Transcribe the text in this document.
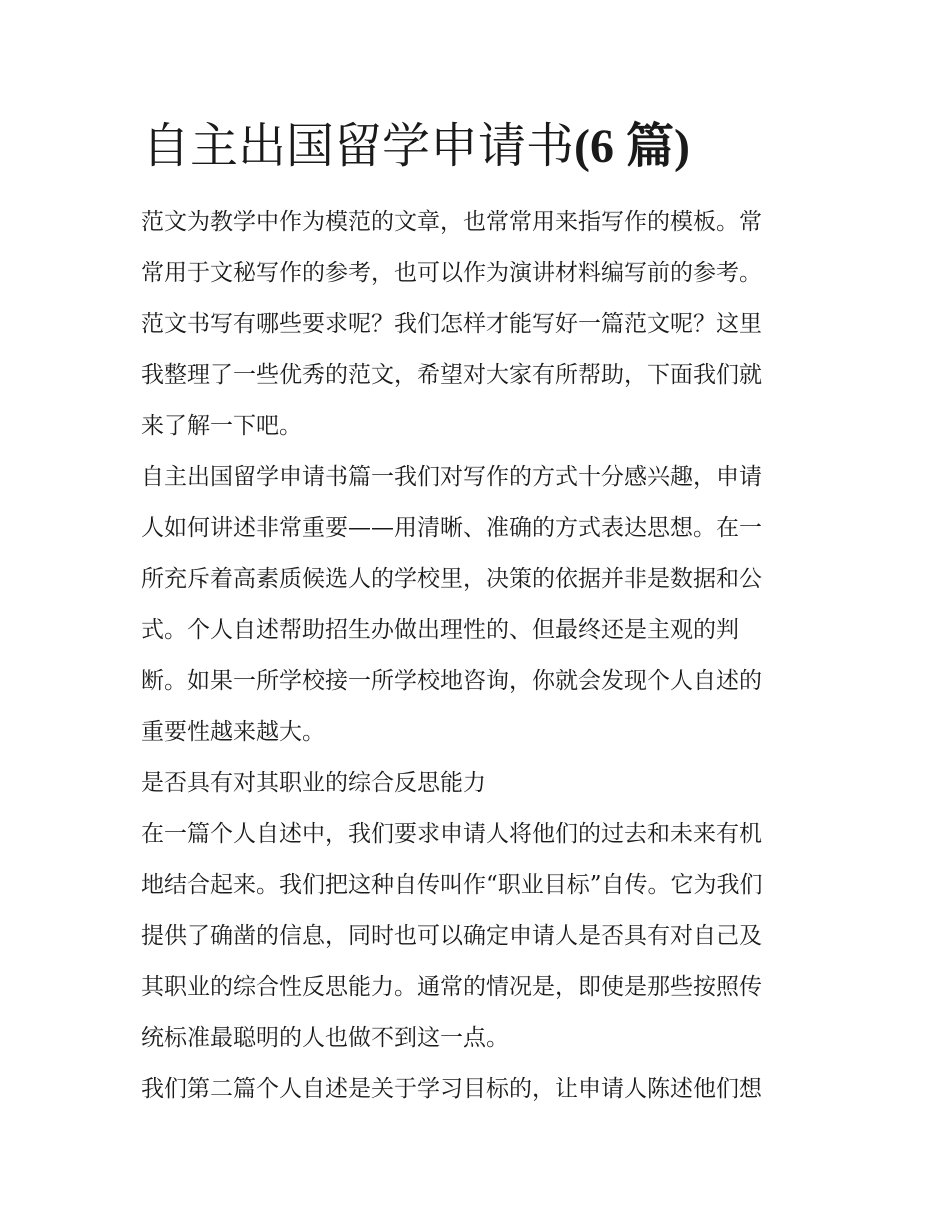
自主出国留学申请书(6 篇)
范文为教学中作为模范的文章，也常常用来指写作的模板。常
常用于文秘写作的参考，也可以作为演讲材料编写前的参考。
范文书写有哪些要求呢？我们怎样才能写好一篇范文呢？这里
我整理了一些优秀的范文，希望对大家有所帮助，下面我们就
来了解一下吧。
自主出国留学申请书篇一我们对写作的方式十分感兴趣，申请
人如何讲述非常重要——用清晰、准确的方式表达思想。在一
所充斥着高素质候选人的学校里，决策的依据并非是数据和公
式。个人自述帮助招生办做出理性的、但最终还是主观的判
断。如果一所学校接一所学校地咨询，你就会发现个人自述的
重要性越来越大。
是否具有对其职业的综合反思能力
在一篇个人自述中，我们要求申请人将他们的过去和未来有机
地结合起来。我们把这种自传叫作“职业目标”自传。它为我们
提供了确凿的信息，同时也可以确定申请人是否具有对自己及
其职业的综合性反思能力。通常的情况是，即使是那些按照传
统标准最聪明的人也做不到这一点。
我们第二篇个人自述是关于学习目标的，让申请人陈述他们想
